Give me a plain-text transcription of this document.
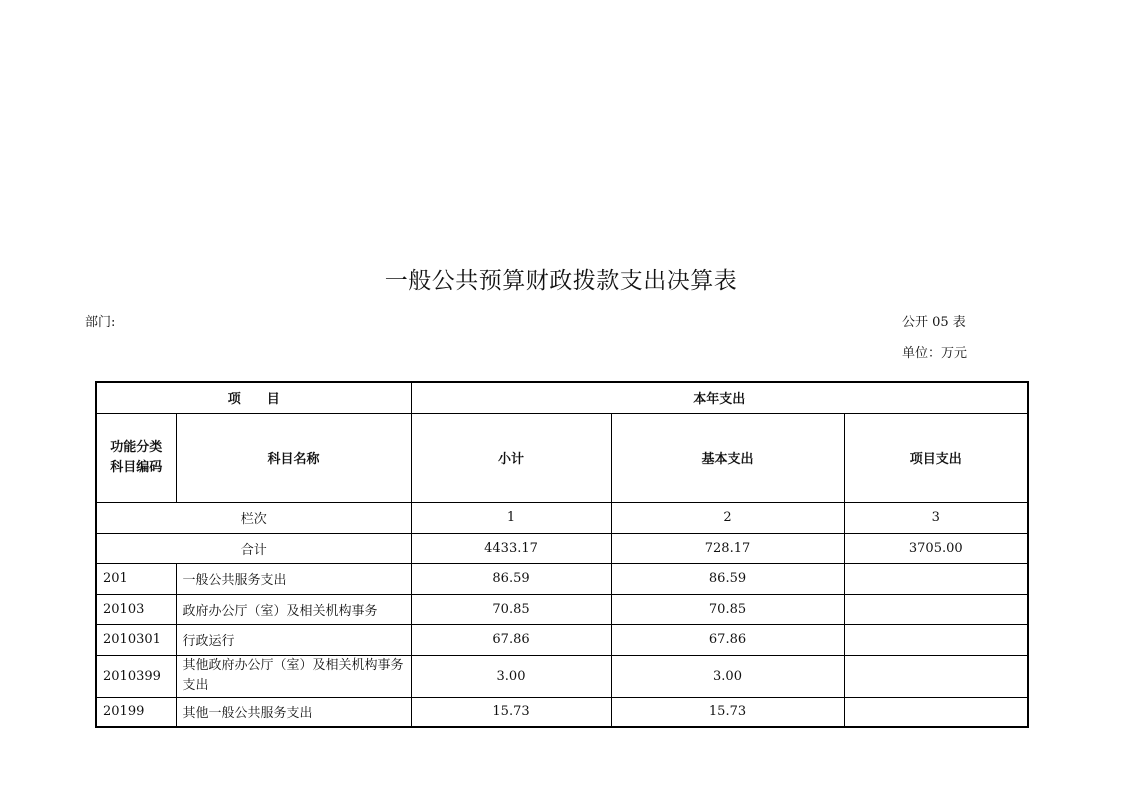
一般公共预算财政拨款支出决算表
部门:	公开 05 表
单位：万元
项　　目		本年支出		
功能分类科目编码	科目名称	小计	基本支出	项目支出
栏次		1	2	3
合计		4433.17	728.17	3705.00
201	一般公共服务支出	86.59	86.59	
20103	政府办公厅（室）及相关机构事务	70.85	70.85	
2010301	行政运行	67.86	67.86	
2010399	其他政府办公厅（室）及相关机构事务支出	3.00	3.00	
20199	其他一般公共服务支出	15.73	15.73	
